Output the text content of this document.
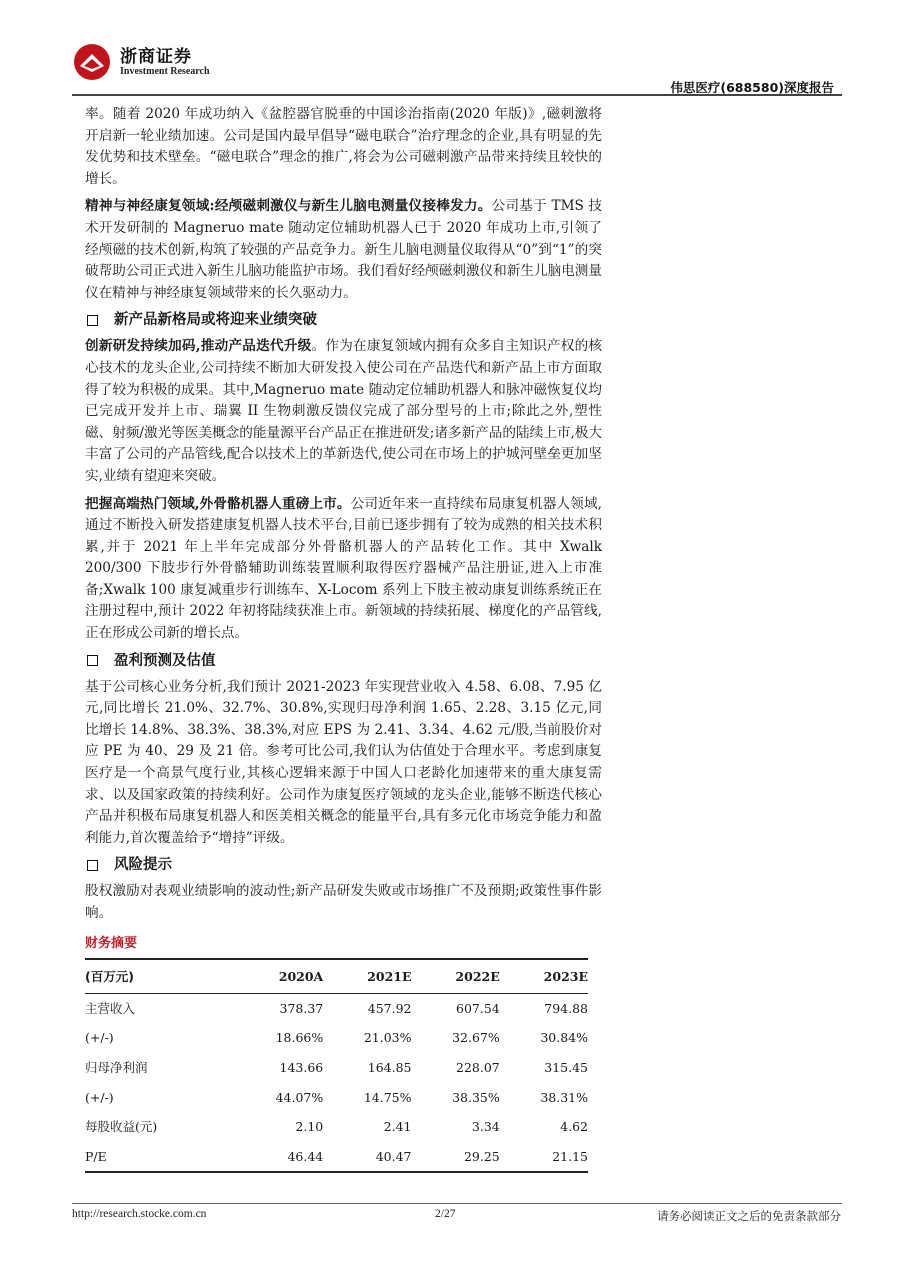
浙商证券
Investment Research
伟思医疗(688580)深度报告

率。随着 2020 年成功纳入《盆腔器官脱垂的中国诊治指南(2020 年版)》,磁刺激将开启新一轮业绩加速。公司是国内最早倡导“磁电联合”治疗理念的企业,具有明显的先发优势和技术壁垒。“磁电联合”理念的推广,将会为公司磁刺激产品带来持续且较快的增长。

精神与神经康复领域:经颅磁刺激仪与新生儿脑电测量仪接棒发力。公司基于 TMS 技术开发研制的 Magneruo mate 随动定位辅助机器人已于 2020 年成功上市,引领了经颅磁的技术创新,构筑了较强的产品竞争力。新生儿脑电测量仪取得从“0”到“1”的突破帮助公司正式进入新生儿脑功能监护市场。我们看好经颅磁刺激仪和新生儿脑电测量仪在精神与神经康复领域带来的长久驱动力。

新产品新格局或将迎来业绩突破

创新研发持续加码,推动产品迭代升级。作为在康复领域内拥有众多自主知识产权的核心技术的龙头企业,公司持续不断加大研发投入使公司在产品迭代和新产品上市方面取得了较为积极的成果。其中,Magneruo mate 随动定位辅助机器人和脉冲磁恢复仪均已完成开发并上市、瑞翼 II 生物刺激反馈仪完成了部分型号的上市;除此之外,塑性磁、射频/激光等医美概念的能量源平台产品正在推进研发;诸多新产品的陆续上市,极大丰富了公司的产品管线,配合以技术上的革新迭代,使公司在市场上的护城河壁垒更加坚实,业绩有望迎来突破。

把握高端热门领域,外骨骼机器人重磅上市。公司近年来一直持续布局康复机器人领域,通过不断投入研发搭建康复机器人技术平台,目前已逐步拥有了较为成熟的相关技术积累,并于 2021 年上半年完成部分外骨骼机器人的产品转化工作。其中 Xwalk 200/300 下肢步行外骨骼辅助训练装置顺利取得医疗器械产品注册证,进入上市准备;Xwalk 100 康复减重步行训练车、X-Locom 系列上下肢主被动康复训练系统正在注册过程中,预计 2022 年初将陆续获准上市。新领域的持续拓展、梯度化的产品管线,正在形成公司新的增长点。

盈利预测及估值

基于公司核心业务分析,我们预计 2021-2023 年实现营业收入 4.58、6.08、7.95 亿元,同比增长 21.0%、32.7%、30.8%,实现归母净利润 1.65、2.28、3.15 亿元,同比增长 14.8%、38.3%、38.3%,对应 EPS 为 2.41、3.34、4.62 元/股,当前股价对应 PE 为 40、29 及 21 倍。参考可比公司,我们认为估值处于合理水平。考虑到康复医疗是一个高景气度行业,其核心逻辑来源于中国人口老龄化加速带来的重大康复需求、以及国家政策的持续利好。公司作为康复医疗领域的龙头企业,能够不断迭代核心产品并积极布局康复机器人和医美相关概念的能量平台,具有多元化市场竞争能力和盈利能力,首次覆盖给予“增持”评级。

风险提示

股权激励对表观业绩影响的波动性;新产品研发失败或市场推广不及预期;政策性事件影响。

财务摘要
(百万元)	2020A	2021E	2022E	2023E
主营收入	378.37	457.92	607.54	794.88
(+/-)	18.66%	21.03%	32.67%	30.84%
归母净利润	143.66	164.85	228.07	315.45
(+/-)	44.07%	14.75%	38.35%	38.31%
每股收益(元)	2.10	2.41	3.34	4.62
P/E	46.44	40.47	29.25	21.15
http://research.stocke.com.cn	2/27	请务必阅读正文之后的免责条款部分
